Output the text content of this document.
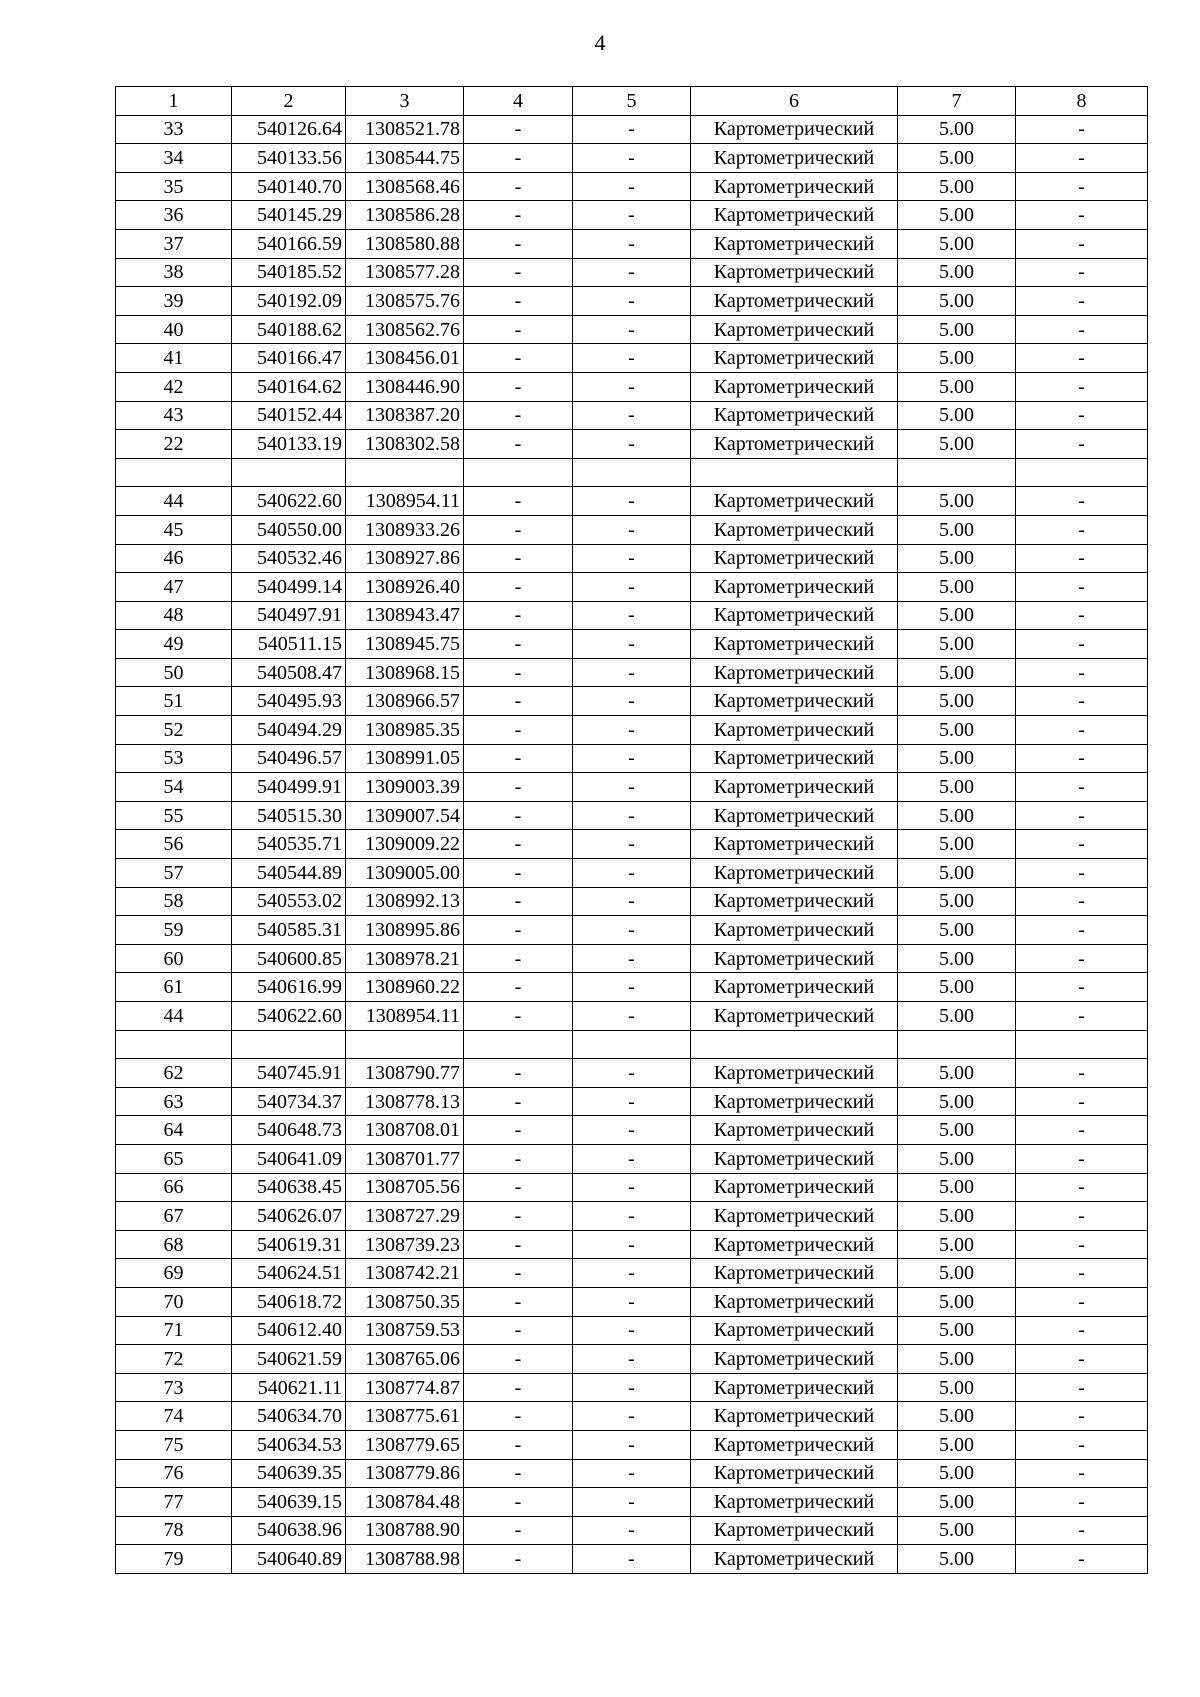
4
1	2	3	4	5	6	7	8
33	540126.64	1308521.78	-	-	Картометрический	5.00	-
34	540133.56	1308544.75	-	-	Картометрический	5.00	-
35	540140.70	1308568.46	-	-	Картометрический	5.00	-
36	540145.29	1308586.28	-	-	Картометрический	5.00	-
37	540166.59	1308580.88	-	-	Картометрический	5.00	-
38	540185.52	1308577.28	-	-	Картометрический	5.00	-
39	540192.09	1308575.76	-	-	Картометрический	5.00	-
40	540188.62	1308562.76	-	-	Картометрический	5.00	-
41	540166.47	1308456.01	-	-	Картометрический	5.00	-
42	540164.62	1308446.90	-	-	Картометрический	5.00	-
43	540152.44	1308387.20	-	-	Картометрический	5.00	-
22	540133.19	1308302.58	-	-	Картометрический	5.00	-

44	540622.60	1308954.11	-	-	Картометрический	5.00	-
45	540550.00	1308933.26	-	-	Картометрический	5.00	-
46	540532.46	1308927.86	-	-	Картометрический	5.00	-
47	540499.14	1308926.40	-	-	Картометрический	5.00	-
48	540497.91	1308943.47	-	-	Картометрический	5.00	-
49	540511.15	1308945.75	-	-	Картометрический	5.00	-
50	540508.47	1308968.15	-	-	Картометрический	5.00	-
51	540495.93	1308966.57	-	-	Картометрический	5.00	-
52	540494.29	1308985.35	-	-	Картометрический	5.00	-
53	540496.57	1308991.05	-	-	Картометрический	5.00	-
54	540499.91	1309003.39	-	-	Картометрический	5.00	-
55	540515.30	1309007.54	-	-	Картометрический	5.00	-
56	540535.71	1309009.22	-	-	Картометрический	5.00	-
57	540544.89	1309005.00	-	-	Картометрический	5.00	-
58	540553.02	1308992.13	-	-	Картометрический	5.00	-
59	540585.31	1308995.86	-	-	Картометрический	5.00	-
60	540600.85	1308978.21	-	-	Картометрический	5.00	-
61	540616.99	1308960.22	-	-	Картометрический	5.00	-
44	540622.60	1308954.11	-	-	Картометрический	5.00	-

62	540745.91	1308790.77	-	-	Картометрический	5.00	-
63	540734.37	1308778.13	-	-	Картометрический	5.00	-
64	540648.73	1308708.01	-	-	Картометрический	5.00	-
65	540641.09	1308701.77	-	-	Картометрический	5.00	-
66	540638.45	1308705.56	-	-	Картометрический	5.00	-
67	540626.07	1308727.29	-	-	Картометрический	5.00	-
68	540619.31	1308739.23	-	-	Картометрический	5.00	-
69	540624.51	1308742.21	-	-	Картометрический	5.00	-
70	540618.72	1308750.35	-	-	Картометрический	5.00	-
71	540612.40	1308759.53	-	-	Картометрический	5.00	-
72	540621.59	1308765.06	-	-	Картометрический	5.00	-
73	540621.11	1308774.87	-	-	Картометрический	5.00	-
74	540634.70	1308775.61	-	-	Картометрический	5.00	-
75	540634.53	1308779.65	-	-	Картометрический	5.00	-
76	540639.35	1308779.86	-	-	Картометрический	5.00	-
77	540639.15	1308784.48	-	-	Картометрический	5.00	-
78	540638.96	1308788.90	-	-	Картометрический	5.00	-
79	540640.89	1308788.98	-	-	Картометрический	5.00	-
